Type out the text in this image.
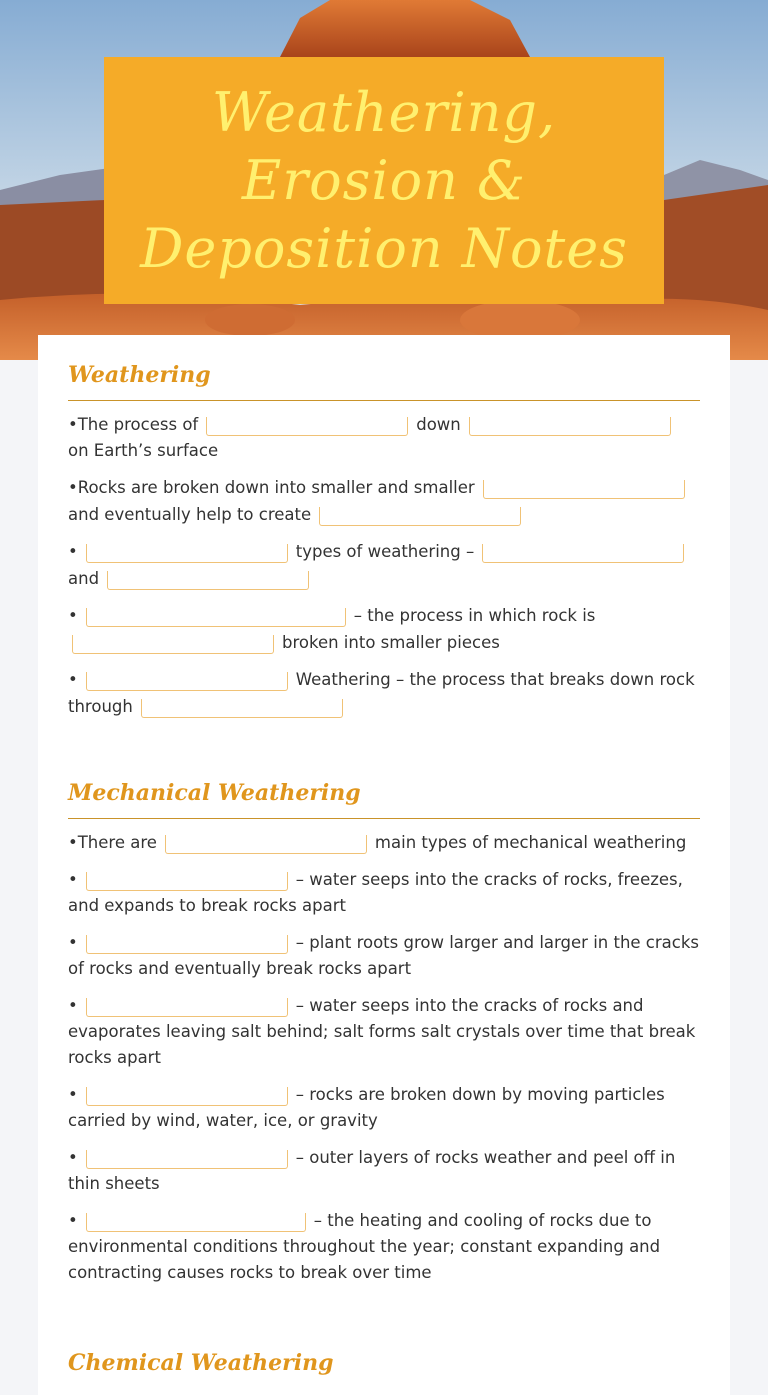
Weathering, Erosion & Deposition Notes
Weathering

•The process of	down
on Earth’s surface

•Rocks are broken down into smaller and smaller
and eventually help to create

•	types of weathering –
and

•	– the process in which rock is
broken into smaller pieces

•	Weathering – the process that breaks down rock through

Mechanical Weathering

•There are	main types of mechanical weathering

•	– water seeps into the cracks of rocks, freezes, and expands to break rocks apart

•	– plant roots grow larger and larger in the cracks of rocks and eventually break rocks apart

•	– water seeps into the cracks of rocks and evaporates leaving salt behind; salt forms salt crystals over time that break rocks apart

•	– rocks are broken down by moving particles carried by wind, water, ice, or gravity

•	– outer layers of rocks weather and peel off in thin sheets

•	– the heating and cooling of rocks due to environmental conditions throughout the year; constant expanding and contracting causes rocks to break over time

Chemical Weathering
